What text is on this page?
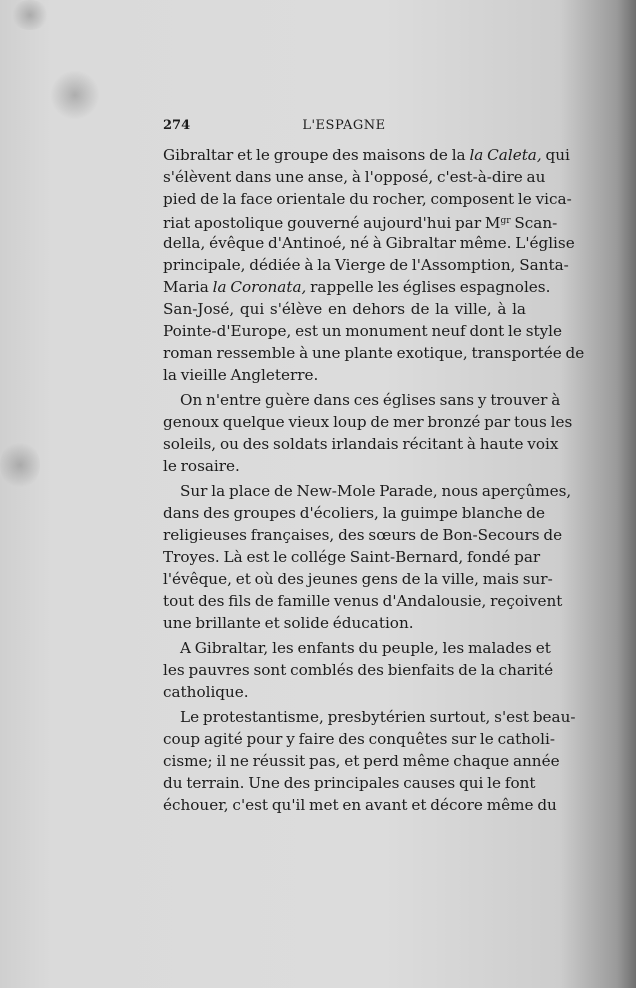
274	L'ESPAGNE
Gibraltar et le groupe des maisons de la la Caleta, qui
s'élèvent dans une anse, à l'opposé, c'est-à-dire au
pied de la face orientale du rocher, composent le vica-
riat apostolique gouverné aujourd'hui par $M^{gr}$ Scan-
della, évêque d'Antinoé, né à Gibraltar même. L'église
principale, dédiée à la Vierge de l'Assomption, Santa-
Maria la Coronata, rappelle les églises espagnoles.
San-José, qui s'élève en dehors de la ville, à la
Pointe-d'Europe, est un monument neuf dont le style
roman ressemble à une plante exotique, transportée de
la vieille Angleterre.
On n'entre guère dans ces églises sans y trouver à
genoux quelque vieux loup de mer bronzé par tous les
soleils, ou des soldats irlandais récitant à haute voix
le rosaire.
Sur la place de New-Mole Parade, nous aperçûmes,
dans des groupes d'écoliers, la guimpe blanche de
religieuses françaises, des sœurs de Bon-Secours de
Troyes. Là est le collége Saint-Bernard, fondé par
l'évêque, et où des jeunes gens de la ville, mais sur-
tout des fils de famille venus d'Andalousie, reçoivent
une brillante et solide éducation.
A Gibraltar, les enfants du peuple, les malades et
les pauvres sont comblés des bienfaits de la charité
catholique.
Le protestantisme, presbytérien surtout, s'est beau-
coup agité pour y faire des conquêtes sur le catholi-
cisme; il ne réussit pas, et perd même chaque année
du terrain. Une des principales causes qui le font
échouer, c'est qu'il met en avant et décore même du
